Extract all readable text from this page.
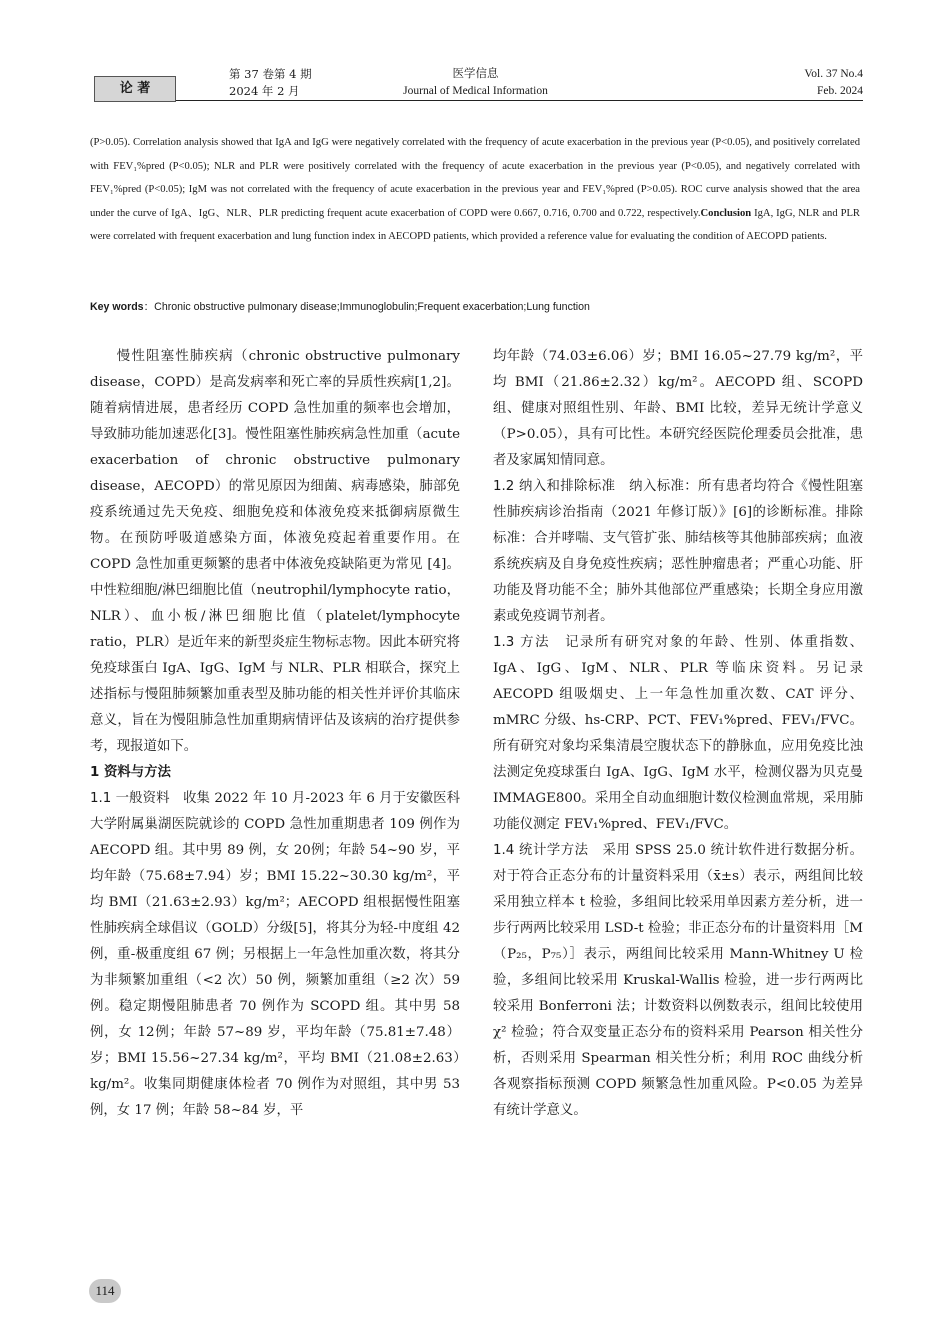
论 著
第 37 卷第 4 期
2024 年 2 月
医学信息
Journal of Medical Information
Vol. 37 No.4
Feb. 2024

(P>0.05). Correlation analysis showed that IgA and IgG were negatively correlated with the frequency of acute exacerbation in the previous year (P<0.05), and positively correlated with FEV₁%pred (P<0.05); NLR and PLR were positively correlated with the frequency of acute exacerbation in the previous year (P<0.05), and negatively correlated with FEV₁%pred (P<0.05); IgM was not correlated with the frequency of acute exacerbation in the previous year and FEV₁%pred (P>0.05). ROC curve analysis showed that the area under the curve of IgA、IgG、NLR、PLR predicting frequent acute exacerbation of COPD were 0.667, 0.716, 0.700 and 0.722, respectively.Conclusion IgA, IgG, NLR and PLR were correlated with frequent exacerbation and lung function index in AECOPD patients, which provided a reference value for evaluating the condition of AECOPD patients.

Key words：Chronic obstructive pulmonary disease;Immunoglobulin;Frequent exacerbation;Lung function

慢性阻塞性肺疾病（chronic obstructive pulmonary disease，COPD）是高发病率和死亡率的异质性疾病[1,2]。随着病情进展，患者经历 COPD 急性加重的频率也会增加，导致肺功能加速恶化[3]。慢性阻塞性肺疾病急性加重（acute exacerbation of chronic obstructive pulmonary disease，AECOPD）的常见原因为细菌、病毒感染，肺部免疫系统通过先天免疫、细胞免疫和体液免疫来抵御病原微生物。在预防呼吸道感染方面，体液免疫起着重要作用。在 COPD 急性加重更频繁的患者中体液免疫缺陷更为常见 [4]。中性粒细胞/淋巴细胞比值（neutrophil/lymphocyte ratio，NLR）、血小板/淋巴细胞比值（platelet/lymphocyte ratio，PLR）是近年来的新型炎症生物标志物。因此本研究将免疫球蛋白 IgA、IgG、IgM 与 NLR、PLR 相联合，探究上述指标与慢阻肺频繁加重表型及肺功能的相关性并评价其临床意义，旨在为慢阻肺急性加重期病情评估及该病的治疗提供参考，现报道如下。

1 资料与方法

1.1 一般资料　收集 2022 年 10 月-2023 年 6 月于安徽医科大学附属巢湖医院就诊的 COPD 急性加重期患者 109 例作为 AECOPD 组。其中男 89 例，女 20例；年龄 54~90 岁，平均年龄（75.68±7.94）岁；BMI 15.22~30.30 kg/m²，平均 BMI（21.63±2.93）kg/m²；AECOPD 组根据慢性阻塞性肺疾病全球倡议（GOLD）分级[5]，将其分为轻-中度组 42 例，重-极重度组 67 例；另根据上一年急性加重次数，将其分为非频繁加重组（<2 次）50 例，频繁加重组（≥2 次）59例。稳定期慢阻肺患者 70 例作为 SCOPD 组。其中男 58 例，女 12例；年龄 57~89 岁，平均年龄（75.81±7.48）岁；BMI 15.56~27.34 kg/m²，平均 BMI（21.08±2.63）kg/m²。收集同期健康体检者 70 例作为对照组，其中男 53 例，女 17 例；年龄 58~84 岁，平

均年龄（74.03±6.06）岁；BMI 16.05~27.79 kg/m²，平均 BMI（21.86±2.32）kg/m²。AECOPD 组、SCOPD 组、健康对照组性别、年龄、BMI 比较，差异无统计学意义（P>0.05），具有可比性。本研究经医院伦理委员会批准，患者及家属知情同意。

1.2 纳入和排除标准　纳入标准：所有患者均符合《慢性阻塞性肺疾病诊治指南（2021 年修订版）》[6]的诊断标准。排除标准：合并哮喘、支气管扩张、肺结核等其他肺部疾病；血液系统疾病及自身免疫性疾病；恶性肿瘤患者；严重心功能、肝功能及肾功能不全；肺外其他部位严重感染；长期全身应用激素或免疫调节剂者。

1.3 方法　记录所有研究对象的年龄、性别、体重指数、IgA、IgG、IgM、NLR、PLR 等临床资料。另记录 AECOPD 组吸烟史、上一年急性加重次数、CAT 评分、mMRC 分级、hs-CRP、PCT、FEV₁%pred、FEV₁/FVC。所有研究对象均采集清晨空腹状态下的静脉血，应用免疫比浊法测定免疫球蛋白 IgA、IgG、IgM 水平，检测仪器为贝克曼 IMMAGE800。采用全自动血细胞计数仪检测血常规，采用肺功能仪测定 FEV₁%pred、FEV₁/FVC。

1.4 统计学方法　采用 SPSS 25.0 统计软件进行数据分析。对于符合正态分布的计量资料采用（x̄±s）表示，两组间比较采用独立样本 t 检验，多组间比较采用单因素方差分析，进一步行两两比较采用 LSD-t 检验；非正态分布的计量资料用［M（P₂₅，P₇₅）］表示，两组间比较采用 Mann-Whitney U 检验，多组间比较采用 Kruskal-Wallis 检验，进一步行两两比较采用 Bonferroni 法；计数资料以例数表示，组间比较使用 χ² 检验；符合双变量正态分布的资料采用 Pearson 相关性分析，否则采用 Spearman 相关性分析；利用 ROC 曲线分析各观察指标预测 COPD 频繁急性加重风险。P<0.05 为差异有统计学意义。

114
